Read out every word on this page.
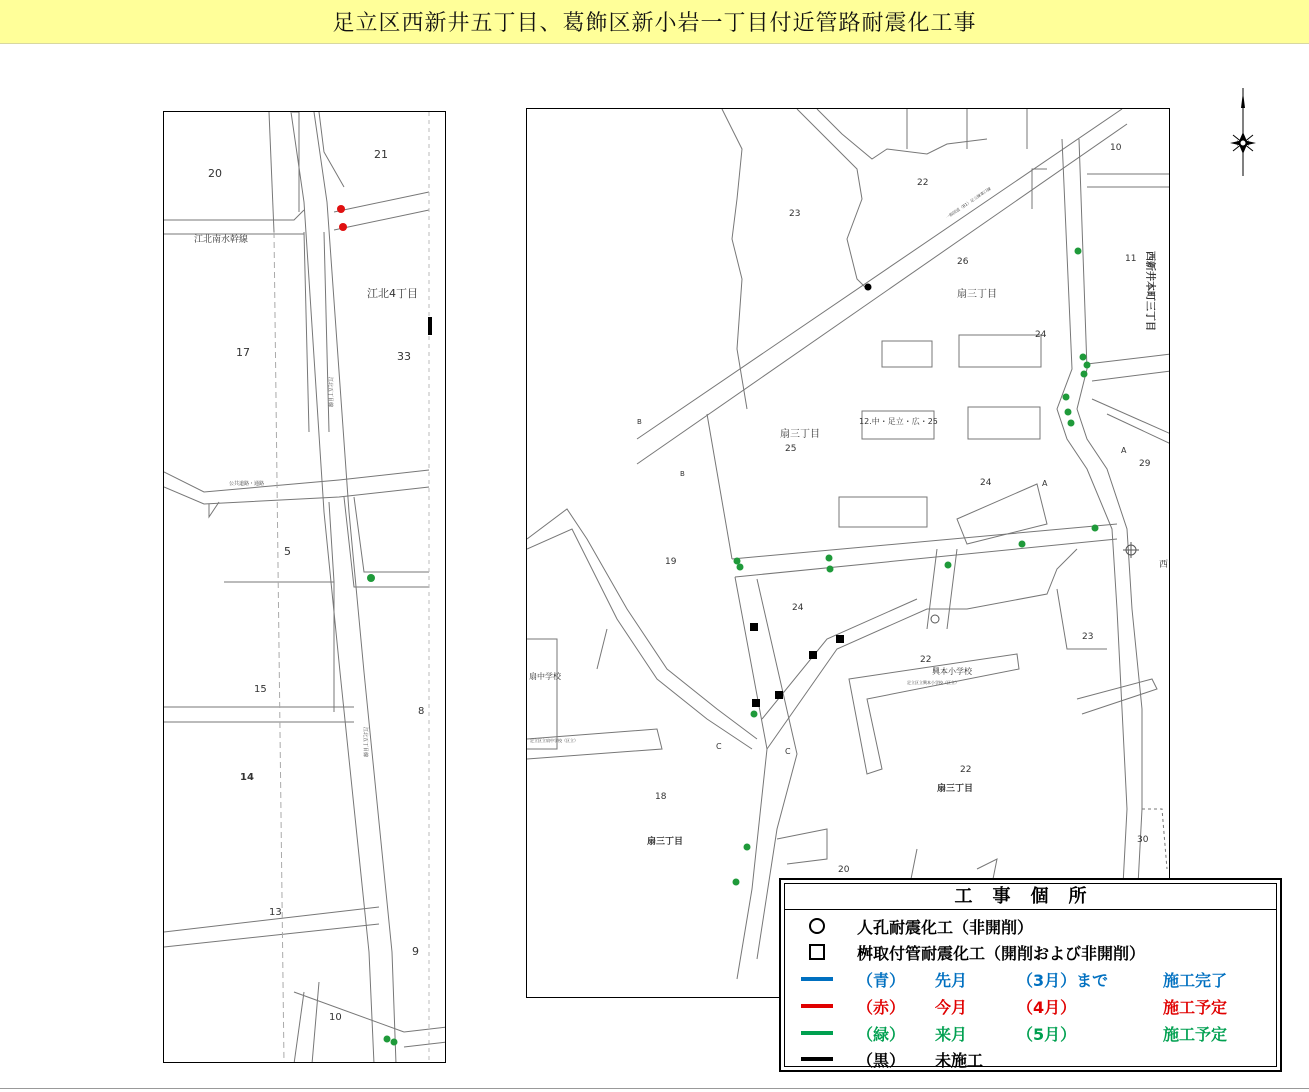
足立区西新井五丁目、葛飾区新小岩一丁目付近管路耐震化工事
20
21
江北南水幹線
江北4丁目
17	33
5
15
8
14
13
9
10
江北五丁目線
公共道路・通路
江北五丁目線
22
23
10
11
26	西新井本町三丁目
扇三丁目
24
扇三丁目
25
12.中・足立・広・25
24	A
A
29
19
24
23
22
興本小学校
足立区立興本小学校（区立）
扇中学校
足立区立扇中学校（区立）
C
C
18
扇三丁目
22
扇三丁目
20
30
西
B
B
一般国道（B1）足立線東口線
工事個所
人孔耐震化工（非開削）
桝取付管耐震化工（開削および非開削）
（青） 先月	（3月）まで	施工完了
（赤） 今月	（4月）	施工予定
（緑） 来月	（5月）	施工予定
（黒） 未施工
